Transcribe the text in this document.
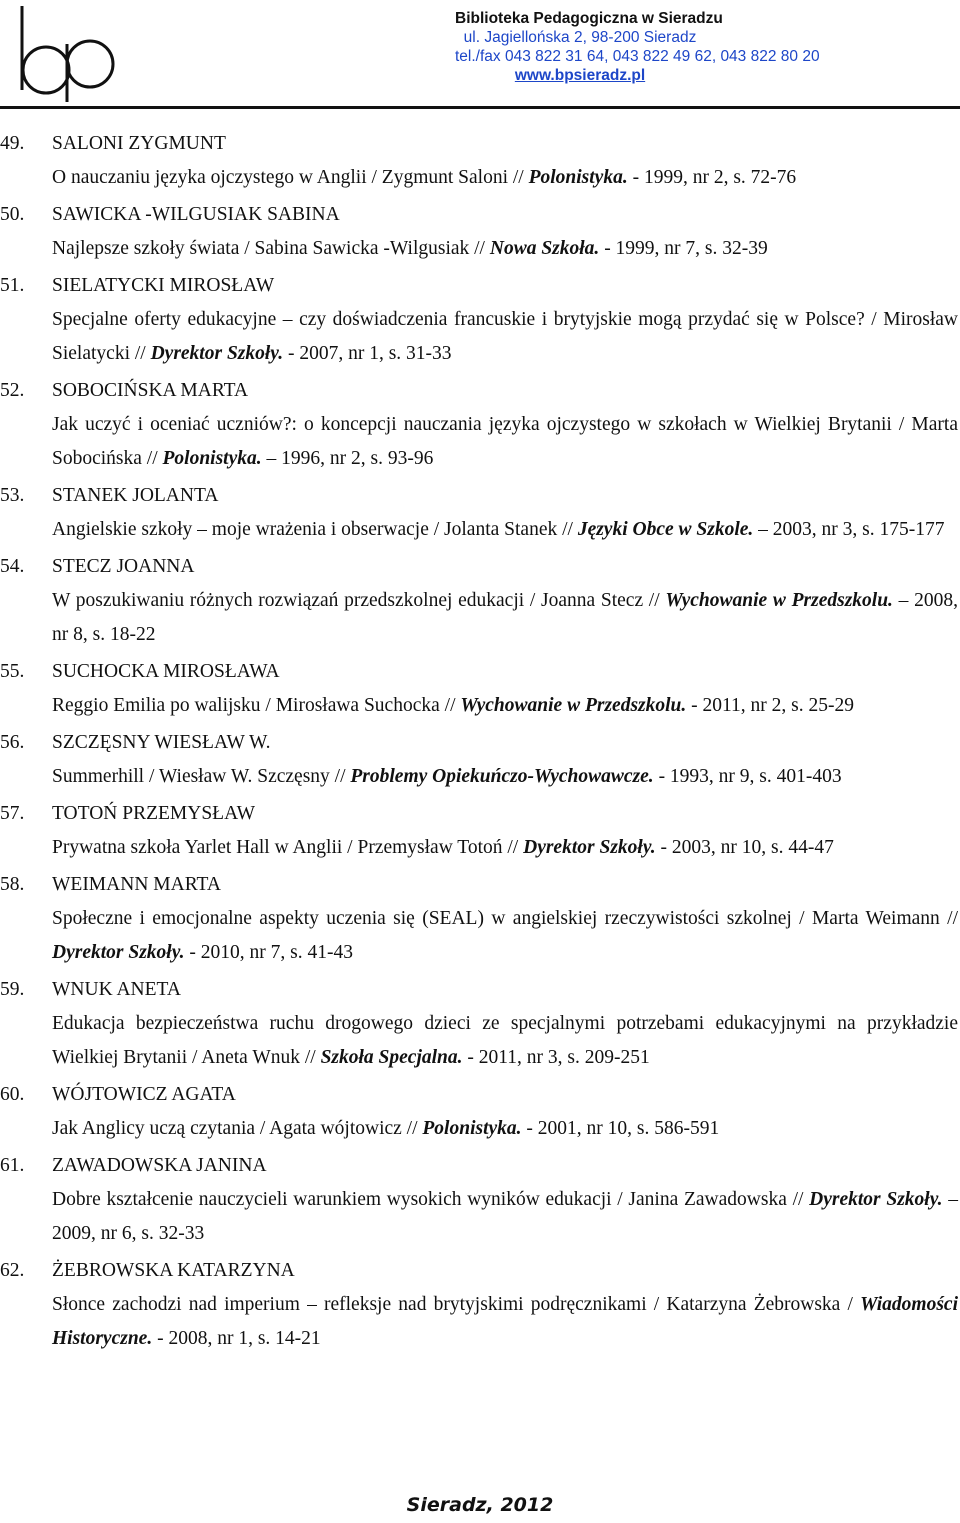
Biblioteka Pedagogiczna w Sieradzu
ul. Jagiellońska 2, 98-200 Sieradz
tel./fax 043 822 31 64, 043 822 49 62, 043 822 80 20
www.bpsieradz.pl
49. SALONI ZYGMUNT
O nauczaniu języka ojczystego w Anglii / Zygmunt Saloni // Polonistyka. - 1999, nr 2, s. 72-76
50. SAWICKA -WILGUSIAK SABINA
Najlepsze szkoły świata / Sabina Sawicka -Wilgusiak // Nowa Szkoła. - 1999, nr 7, s. 32-39
51. SIELATYCKI MIROSŁAW
Specjalne oferty edukacyjne – czy doświadczenia francuskie i brytyjskie mogą przydać się w Polsce? / Mirosław Sielatycki // Dyrektor Szkoły. - 2007, nr 1, s. 31-33
52. SOBOCIŃSKA MARTA
Jak uczyć i oceniać uczniów?: o koncepcji nauczania języka ojczystego w szkołach w Wielkiej Brytanii / Marta Sobocińska // Polonistyka. – 1996, nr 2, s. 93-96
53. STANEK JOLANTA
Angielskie szkoły – moje wrażenia i obserwacje / Jolanta Stanek // Języki Obce w Szkole. – 2003, nr 3, s. 175-177
54. STECZ JOANNA
W poszukiwaniu różnych rozwiązań przedszkolnej edukacji / Joanna Stecz // Wychowanie w Przedszkolu. – 2008, nr 8, s. 18-22
55. SUCHOCKA MIROSŁAWA
Reggio Emilia po walijsku / Mirosława Suchocka // Wychowanie w Przedszkolu. - 2011, nr 2, s. 25-29
56. SZCZĘSNY WIESŁAW W.
Summerhill / Wiesław W. Szczęsny // Problemy Opiekuńczo-Wychowawcze. - 1993, nr 9, s. 401-403
57. TOTOŃ PRZEMYSŁAW
Prywatna szkoła Yarlet Hall w Anglii / Przemysław Totoń // Dyrektor Szkoły. - 2003, nr 10, s. 44-47
58. WEIMANN MARTA
Społeczne i emocjonalne aspekty uczenia się (SEAL) w angielskiej rzeczywistości szkolnej / Marta Weimann // Dyrektor Szkoły. - 2010, nr 7, s. 41-43
59. WNUK ANETA
Edukacja bezpieczeństwa ruchu drogowego dzieci ze specjalnymi potrzebami edukacyjnymi na przykładzie Wielkiej Brytanii / Aneta Wnuk // Szkoła Specjalna. - 2011, nr 3, s. 209-251
60. WÓJTOWICZ AGATA
Jak Anglicy uczą czytania / Agata wójtowicz // Polonistyka. - 2001, nr 10, s. 586-591
61. ZAWADOWSKA JANINA
Dobre kształcenie nauczycieli warunkiem wysokich wyników edukacji / Janina Zawadowska // Dyrektor Szkoły. – 2009, nr 6, s. 32-33
62. ŻEBROWSKA KATARZYNA
Słonce zachodzi nad imperium – refleksje nad brytyjskimi podręcznikami / Katarzyna Żebrowska / Wiadomości Historyczne. - 2008, nr 1, s. 14-21
Sieradz, 2012
